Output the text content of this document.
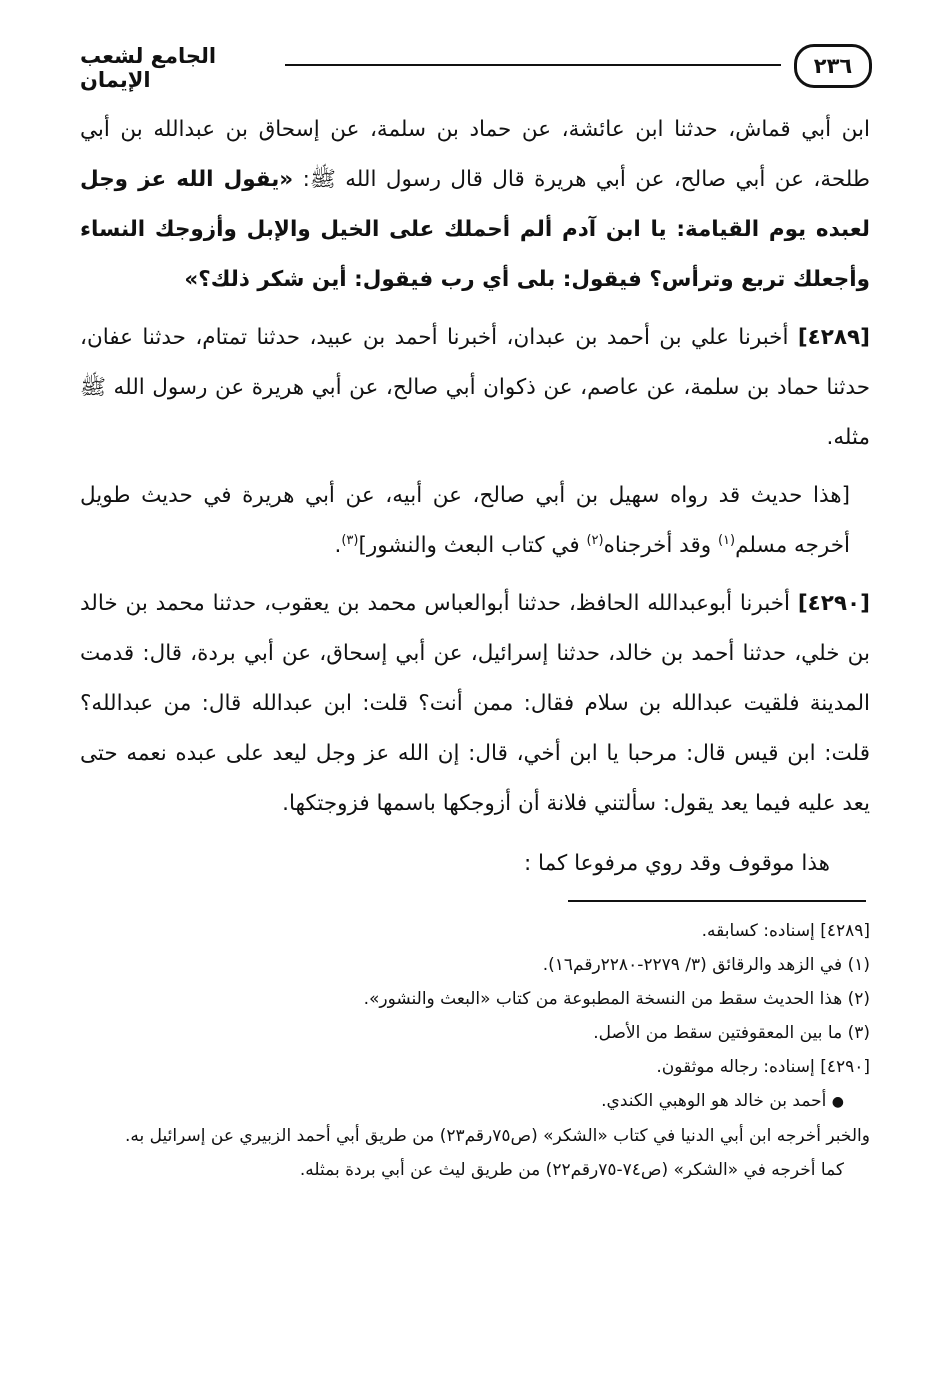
٢٣٦
الجامع لشعب الإيمان

ابن أبي قماش، حدثنا ابن عائشة، عن حماد بن سلمة، عن إسحاق بن عبدالله بن أبي طلحة، عن أبي صالح، عن أبي هريرة قال قال رسول الله ﷺ: «يقول الله عز وجل لعبده يوم القيامة: يا ابن آدم ألم أحملك على الخيل والإبل وأزوجك النساء وأجعلك تربع وترأس؟ فيقول: بلى أي رب فيقول: أين شكر ذلك؟»

[٤٢٨٩] أخبرنا علي بن أحمد بن عبدان، أخبرنا أحمد بن عبيد، حدثنا تمتام، حدثنا عفان، حدثنا حماد بن سلمة، عن عاصم، عن ذكوان أبي صالح، عن أبي هريرة عن رسول الله ﷺ مثله.

[هذا حديث قد رواه سهيل بن أبي صالح، عن أبيه، عن أبي هريرة في حديث طويل أخرجه مسلم$^{(١)}$ وقد أخرجناه$^{(٢)}$ في كتاب البعث والنشور]$^{(٣)}$.

[٤٢٩٠] أخبرنا أبوعبدالله الحافظ، حدثنا أبوالعباس محمد بن يعقوب، حدثنا محمد بن خالد بن خلي، حدثنا أحمد بن خالد، حدثنا إسرائيل، عن أبي إسحاق، عن أبي بردة، قال: قدمت المدينة فلقيت عبدالله بن سلام فقال: ممن أنت؟ قلت: ابن عبدالله قال: من عبدالله؟ قلت: ابن قيس قال: مرحبا يا ابن أخي، قال: إن الله عز وجل ليعد على عبده نعمه حتى يعد عليه فيما يعد يقول: سألتني فلانة أن أزوجكها باسمها فزوجتكها.

هذا موقوف وقد روي مرفوعا كما :

[٤٢٨٩] إسناده: كسابقه.

(١) في الزهد والرقائق (٣/ ٢٢٧٩-٢٢٨٠رقم١٦).

(٢) هذا الحديث سقط من النسخة المطبوعة من كتاب «البعث والنشور».

(٣) ما بين المعقوفتين سقط من الأصل.

[٤٢٩٠] إسناده: رجاله موثقون.

● أحمد بن خالد هو الوهبي الكندي.

والخبر أخرجه ابن أبي الدنيا في كتاب «الشكر» (ص٧٥رقم٢٣) من طريق أبي أحمد الزبيري عن إسرائيل به.

كما أخرجه في «الشكر» (ص٧٤-٧٥رقم٢٢) من طريق ليث عن أبي بردة بمثله.
